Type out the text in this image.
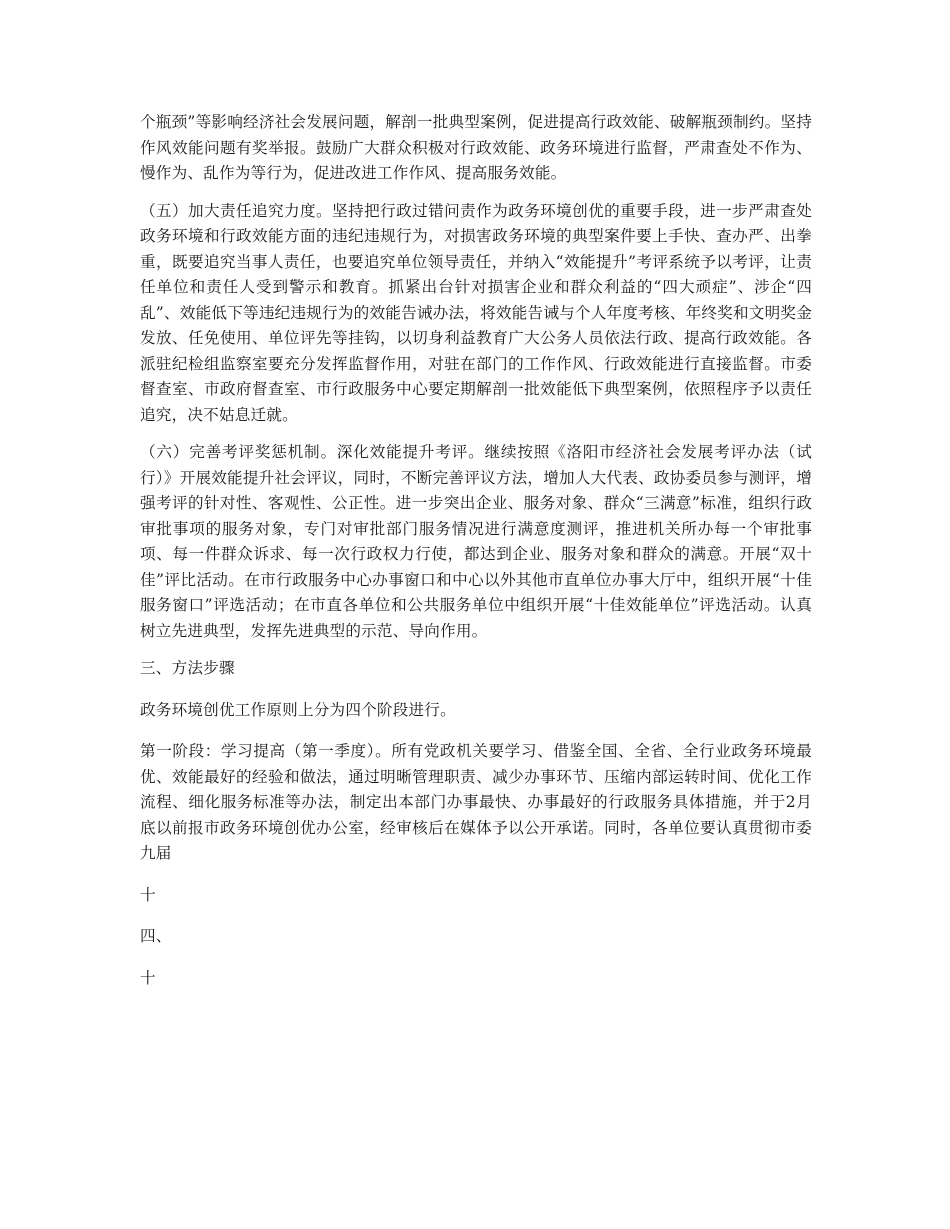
个瓶颈”等影响经济社会发展问题，解剖一批典型案例，促进提高行政效能、破解瓶颈制约。坚持作风效能问题有奖举报。鼓励广大群众积极对行政效能、政务环境进行监督，严肃查处不作为、慢作为、乱作为等行为，促进改进工作作风、提高服务效能。

（五）加大责任追究力度。坚持把行政过错问责作为政务环境创优的重要手段，进一步严肃查处政务环境和行政效能方面的违纪违规行为，对损害政务环境的典型案件要上手快、查办严、出拳重，既要追究当事人责任，也要追究单位领导责任，并纳入“效能提升”考评系统予以考评，让责任单位和责任人受到警示和教育。抓紧出台针对损害企业和群众利益的“四大顽症”、涉企“四乱”、效能低下等违纪违规行为的效能告诫办法，将效能告诫与个人年度考核、年终奖和文明奖金发放、任免使用、单位评先等挂钩，以切身利益教育广大公务人员依法行政、提高行政效能。各派驻纪检组监察室要充分发挥监督作用，对驻在部门的工作作风、行政效能进行直接监督。市委督查室、市政府督查室、市行政服务中心要定期解剖一批效能低下典型案例，依照程序予以责任追究，决不姑息迁就。

（六）完善考评奖惩机制。深化效能提升考评。继续按照《洛阳市经济社会发展考评办法（试行）》开展效能提升社会评议，同时，不断完善评议方法，增加人大代表、政协委员参与测评，增强考评的针对性、客观性、公正性。进一步突出企业、服务对象、群众“三满意”标准，组织行政审批事项的服务对象，专门对审批部门服务情况进行满意度测评，推进机关所办每一个审批事项、每一件群众诉求、每一次行政权力行使，都达到企业、服务对象和群众的满意。开展“双十佳”评比活动。在市行政服务中心办事窗口和中心以外其他市直单位办事大厅中，组织开展“十佳服务窗口”评选活动；在市直各单位和公共服务单位中组织开展“十佳效能单位”评选活动。认真树立先进典型，发挥先进典型的示范、导向作用。

三、方法步骤

政务环境创优工作原则上分为四个阶段进行。

第一阶段：学习提高（第一季度）。所有党政机关要学习、借鉴全国、全省、全行业政务环境最优、效能最好的经验和做法，通过明晰管理职责、减少办事环节、压缩内部运转时间、优化工作流程、细化服务标准等办法，制定出本部门办事最快、办事最好的行政服务具体措施，并于2月底以前报市政务环境创优办公室，经审核后在媒体予以公开承诺。同时，各单位要认真贯彻市委九届

十

四、

十
